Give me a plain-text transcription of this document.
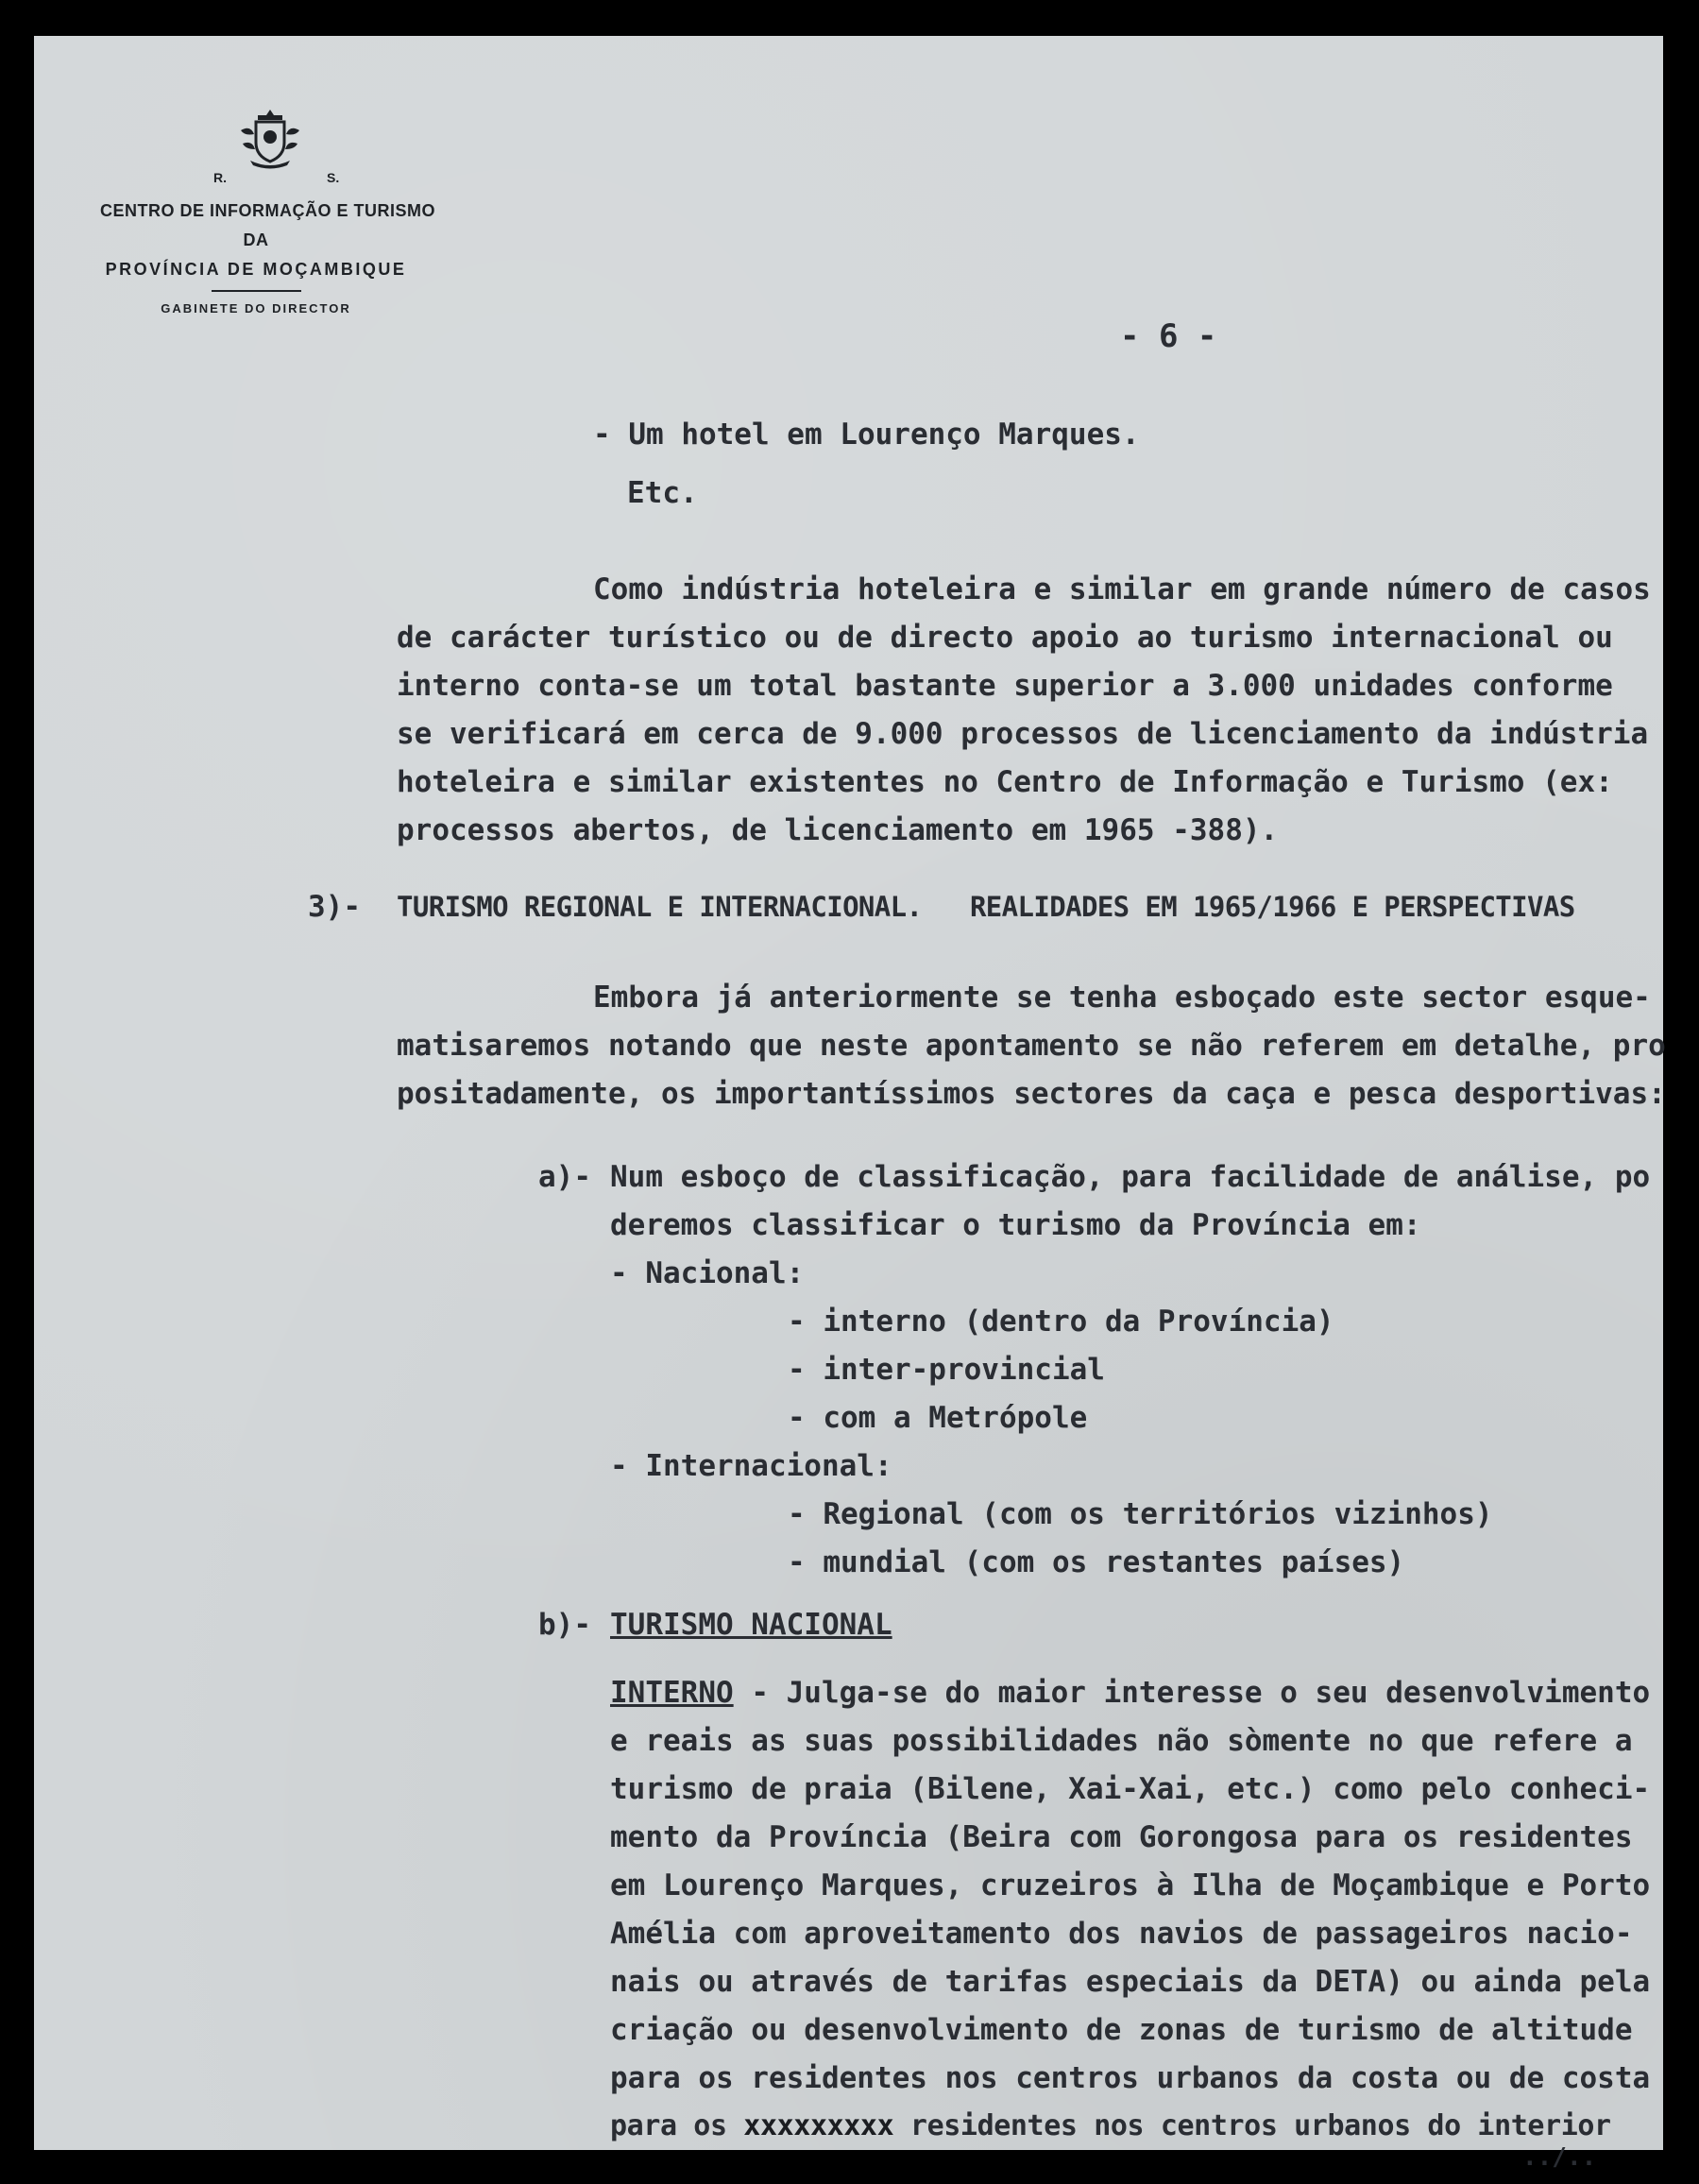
R.	S.
CENTRO DE INFORMAÇÃO E TURISMO
DA
PROVÍNCIA DE MOÇAMBIQUE
GABINETE DO DIRECTOR
- 6 -
- Um hotel em Lourenço Marques.
Etc.
Como indústria hoteleira e similar em grande número de casos
de carácter turístico ou de directo apoio ao turismo internacional ou
interno conta-se um total bastante superior a 3.000 unidades conforme
se verificará em cerca de 9.000 processos de licenciamento da indústria
hoteleira e similar existentes no Centro de Informação e Turismo (ex:
processos abertos, de licenciamento em 1965 -388).
3)- TURISMO REGIONAL E INTERNACIONAL.   REALIDADES EM 1965/1966 E PERSPECTIVAS
Embora já anteriormente se tenha esboçado este sector esque-
matisaremos notando que neste apontamento se não referem em detalhe, pro
positadamente, os importantíssimos sectores da caça e pesca desportivas:
a)- Num esboço de classificação, para facilidade de análise, po
deremos classificar o turismo da Província em:
- Nacional:
- interno (dentro da Província)
- inter-provincial
- com a Metrópole
- Internacional:
- Regional (com os territórios vizinhos)
- mundial (com os restantes países)
b)- TURISMO NACIONAL
INTERNO - Julga-se do maior interesse o seu desenvolvimento
e reais as suas possibilidades não sòmente no que refere a
turismo de praia (Bilene, Xai-Xai, etc.) como pelo conheci-
mento da Província (Beira com Gorongosa para os residentes
em Lourenço Marques, cruzeiros à Ilha de Moçambique e Porto
Amélia com aproveitamento dos navios de passageiros nacio-
nais ou através de tarifas especiais da DETA) ou ainda pela
criação ou desenvolvimento de zonas de turismo de altitude
para os residentes nos centros urbanos da costa ou de costa
para os xxxxxxxxx residentes nos centros urbanos do interior
../..
